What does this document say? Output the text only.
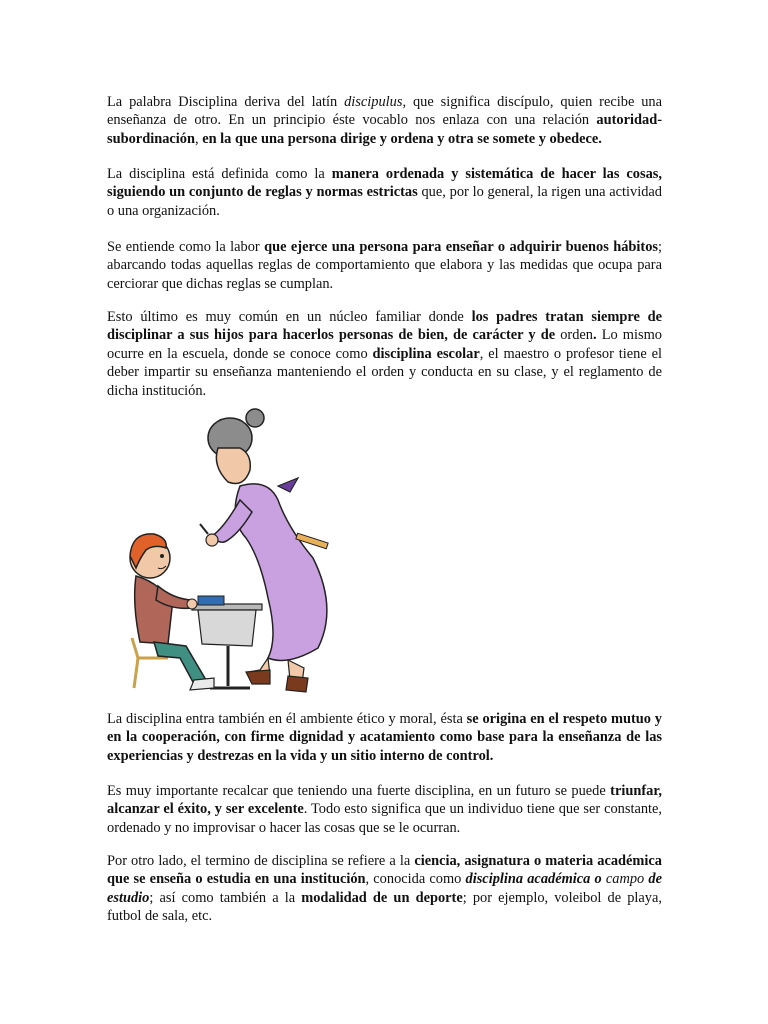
La palabra Disciplina deriva del latín discipulus, que significa discípulo, quien recibe una enseñanza de otro. En un principio éste vocablo nos enlaza con una relación autoridad-subordinación, en la que una persona dirige y ordena y otra se somete y obedece.

La disciplina está definida como la manera ordenada y sistemática de hacer las cosas, siguiendo un conjunto de reglas y normas estrictas que, por lo general, la rigen una actividad o una organización.

Se entiende como la labor que ejerce una persona para enseñar o adquirir buenos hábitos; abarcando todas aquellas reglas de comportamiento que elabora y las medidas que ocupa para cerciorar que dichas reglas se cumplan.

Esto último es muy común en un núcleo familiar donde los padres tratan siempre de disciplinar a sus hijos para hacerlos personas de bien, de carácter y de orden. Lo mismo ocurre en la escuela, donde se conoce como disciplina escolar, el maestro o profesor tiene el deber impartir su enseñanza manteniendo el orden y conducta en su clase, y el reglamento de dicha institución.

La disciplina entra también en él ambiente ético y moral, ésta se origina en el respeto mutuo y en la cooperación, con firme dignidad y acatamiento como base para la enseñanza de las experiencias y destrezas en la vida y un sitio interno de control.

Es muy importante recalcar que teniendo una fuerte disciplina, en un futuro se puede triunfar, alcanzar el éxito, y ser excelente. Todo esto significa que un individuo tiene que ser constante, ordenado y no improvisar o hacer las cosas que se le ocurran.

Por otro lado, el termino de disciplina se refiere a la ciencia, asignatura o materia académica que se enseña o estudia en una institución, conocida como disciplina académica o campo de estudio; así como también a la modalidad de un deporte; por ejemplo, voleibol de playa, futbol de sala, etc.
